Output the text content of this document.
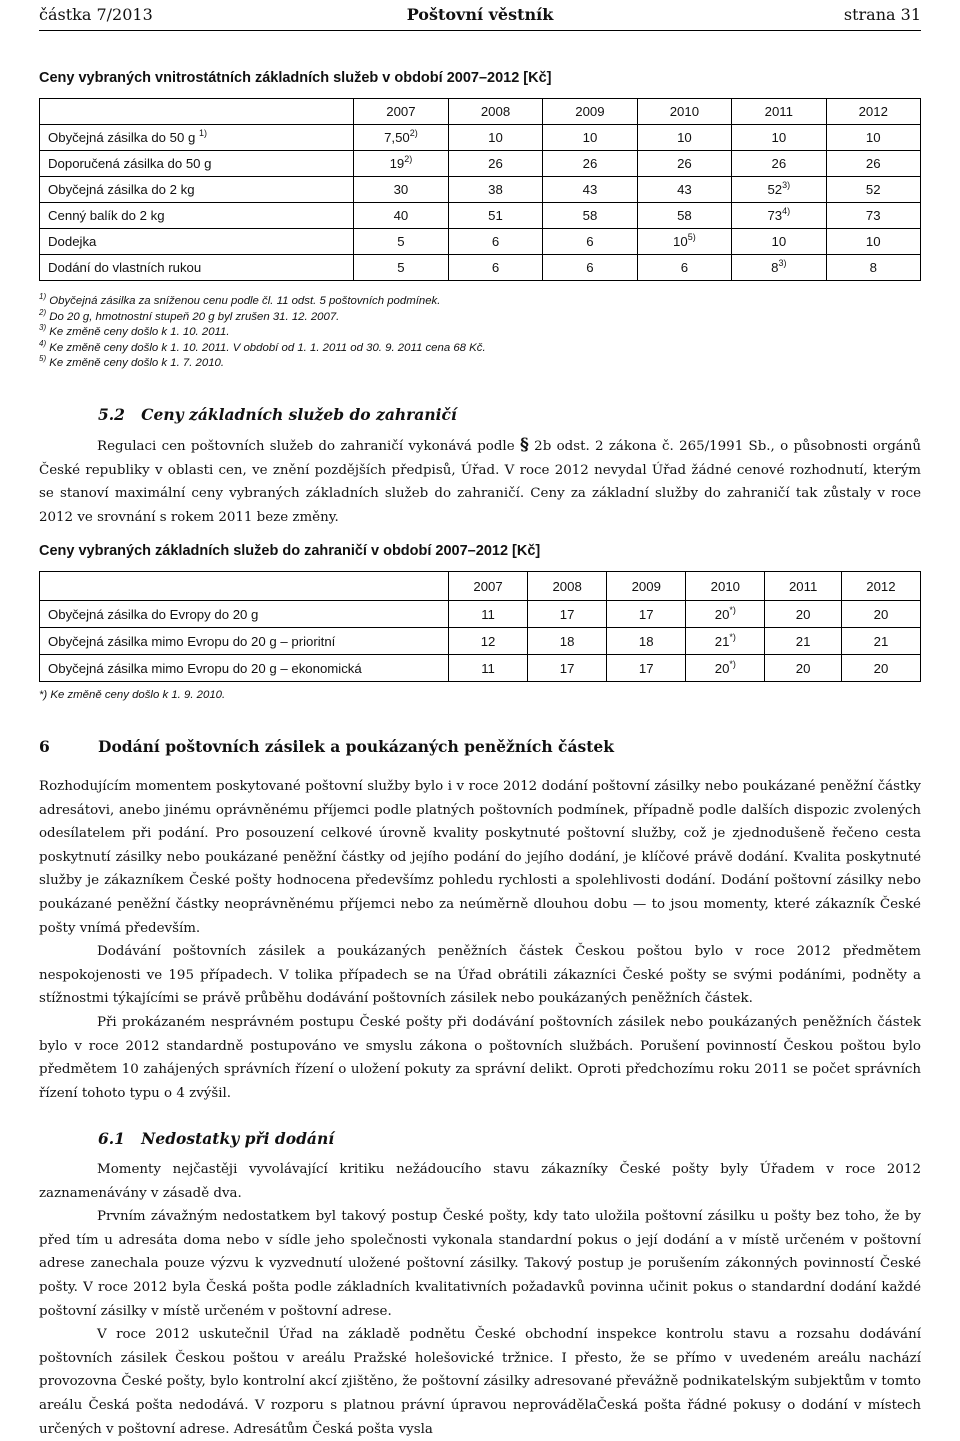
částka 7/2013	Poštovní věstník	strana 31
Ceny vybraných vnitrostátních základních služeb v období 2007–2012 [Kč]
	2007	2008	2009	2010	2011	2012
Obyčejná zásilka do 50 g $^{1)}$	7,50$^{2)}$	10	10	10	10	10
Doporučená zásilka do 50 g	19$^{2)}$	26	26	26	26	26
Obyčejná zásilka do 2 kg	30	38	43	43	52$^{3)}$	52
Cenný balík do 2 kg	40	51	58	58	73$^{4)}$	73
Dodejka	5	6	6	10$^{5)}$	10	10
Dodání do vlastních rukou	5	6	6	6	8$^{3)}$	8
$^{1)}$ Obyčejná zásilka za sníženou cenu podle čl. 11 odst. 5 poštovních podmínek.
$^{2)}$ Do 20 g, hmotnostní stupeň 20 g byl zrušen 31. 12. 2007.
$^{3)}$ Ke změně ceny došlo k 1. 10. 2011.
$^{4)}$ Ke změně ceny došlo k 1. 10. 2011. V období od 1. 1. 2011 od 30. 9. 2011 cena 68 Kč.
$^{5)}$ Ke změně ceny došlo k 1. 7. 2010.
5.2 Ceny základních služeb do zahraničí

Regulaci cen poštovních služeb do zahraničí vykonává podle § 2b odst. 2 zákona č. 265/1991 Sb., o působnosti orgánů České republiky v oblasti cen, ve znění pozdějších předpisů, Úřad. V roce 2012 nevydal Úřad žádné cenové rozhodnutí, kterým se stanoví maximální ceny vybraných základních služeb do zahraničí. Ceny za základní služby do zahraničí tak zůstaly v roce 2012 ve srovnání s rokem 2011 beze změny.

Ceny vybraných základních služeb do zahraničí v období 2007–2012 [Kč]
	2007	2008	2009	2010	2011	2012
Obyčejná zásilka do Evropy do 20 g	11	17	17	20*)	20	20
Obyčejná zásilka mimo Evropu do 20 g – prioritní	12	18	18	21*)	21	21
Obyčejná zásilka mimo Evropu do 20 g – ekonomická	11	17	17	20*)	20	20
*) Ke změně ceny došlo k 1. 9. 2010.
6	Dodání poštovních zásilek a poukázaných peněžních částek

Rozhodujícím momentem poskytované poštovní služby bylo i v roce 2012 dodání poštovní zásilky nebo poukázané peněžní částky adresátovi, anebo jinému oprávněnému příjemci podle platných poštovních podmínek, případně podle dalších dispozic zvolených odesílatelem při podání. Pro posouzení celkové úrovně kvality poskytnuté poštovní služby, což je zjednodušeně řečeno cesta poskytnutí zásilky nebo poukázané peněžní částky od jejího podání do jejího dodání, je klíčové právě dodání. Kvalita poskytnuté služby je zákazníkem České pošty hodnocena předevšímz pohledu rychlosti a spolehlivosti dodání. Dodání poštovní zásilky nebo poukázané peněžní částky neoprávněnému příjemci nebo za neúměrně dlouhou dobu — to jsou momenty, které zákazník České pošty vnímá především.

Dodávání poštovních zásilek a poukázaných peněžních částek Českou poštou bylo v roce 2012 předmětem nespokojenosti ve 195 případech. V tolika případech se na Úřad obrátili zákazníci České pošty se svými podáními, podněty a stížnostmi týkajícími se právě průběhu dodávání poštovních zásilek nebo poukázaných peněžních částek.

Při prokázaném nesprávném postupu České pošty při dodávání poštovních zásilek nebo poukázaných peněžních částek bylo v roce 2012 standardně postupováno ve smyslu zákona o poštovních službách. Porušení povinností Českou poštou bylo předmětem 10 zahájených správních řízení o uložení pokuty za správní delikt. Oproti předchozímu roku 2011 se počet správních řízení tohoto typu o 4 zvýšil.

6.1 Nedostatky při dodání

Momenty nejčastěji vyvolávající kritiku nežádoucího stavu zákazníky České pošty byly Úřadem v roce 2012 zaznamenávány v zásadě dva.

Prvním závažným nedostatkem byl takový postup České pošty, kdy tato uložila poštovní zásilku u pošty bez toho, že by před tím u adresáta doma nebo v sídle jeho společnosti vykonala standardní pokus o její dodání a v místě určeném v poštovní adrese zanechala pouze výzvu k vyzvednutí uložené poštovní zásilky. Takový postup je porušením zákonných povinností České pošty. V roce 2012 byla Česká pošta podle základních kvalitativních požadavků povinna učinit pokus o standardní dodání každé poštovní zásilky v místě určeném v poštovní adrese.

V roce 2012 uskutečnil Úřad na základě podnětu České obchodní inspekce kontrolu stavu a rozsahu dodávání poštovních zásilek Českou poštou v areálu Pražské holešovické tržnice. I přesto, že se přímo v uvedeném areálu nachází provozovna České pošty, bylo kontrolní akcí zjištěno, že poštovní zásilky adresované převážně podnikatelským subjektům v tomto areálu Česká pošta nedodává. V rozporu s platnou právní úpravou neprovádělaČeská pošta řádné pokusy o dodání v místech určených v poštovní adrese. Adresátům Česká pošta vysla
